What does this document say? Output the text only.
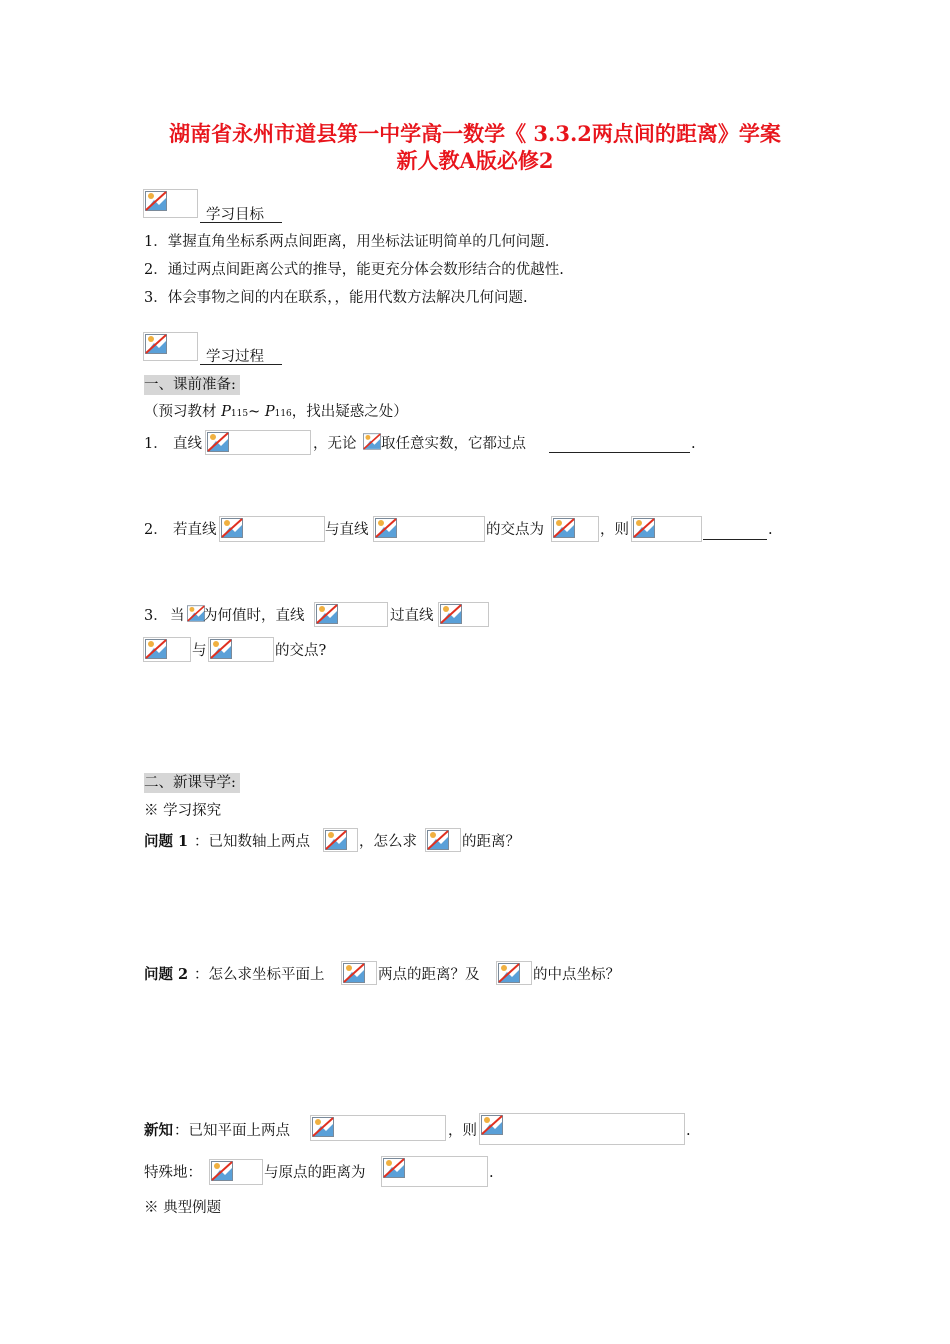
湖南省永州市道县第一中学高一数学《 3.3.2两点间的距离》学案
新人教A版必修2
学习目标
1．掌握直角坐标系两点间距离，用坐标法证明简单的几何问题.
2．通过两点间距离公式的推导，能更充分体会数形结合的优越性.
3．体会事物之间的内在联系，，能用代数方法解决几何问题.
学习过程
一、课前准备:
（预习教材 P115~ P116，找出疑惑之处）
1． 直线	，无论 取任意实数，它都过点	.
2． 若直线	与直线	的交点为	，则	.
3． 当 为何值时，直线	过直线
与	的交点?
二、新课导学:
※ 学习探究
问题 1 ：已知数轴上两点	，怎么求	的距离？
问题 2 ：怎么求坐标平面上	两点的距离？及	的中点坐标？
新知 ：已知平面上两点	，则	.
特殊地：	与原点的距离为	.
※ 典型例题
